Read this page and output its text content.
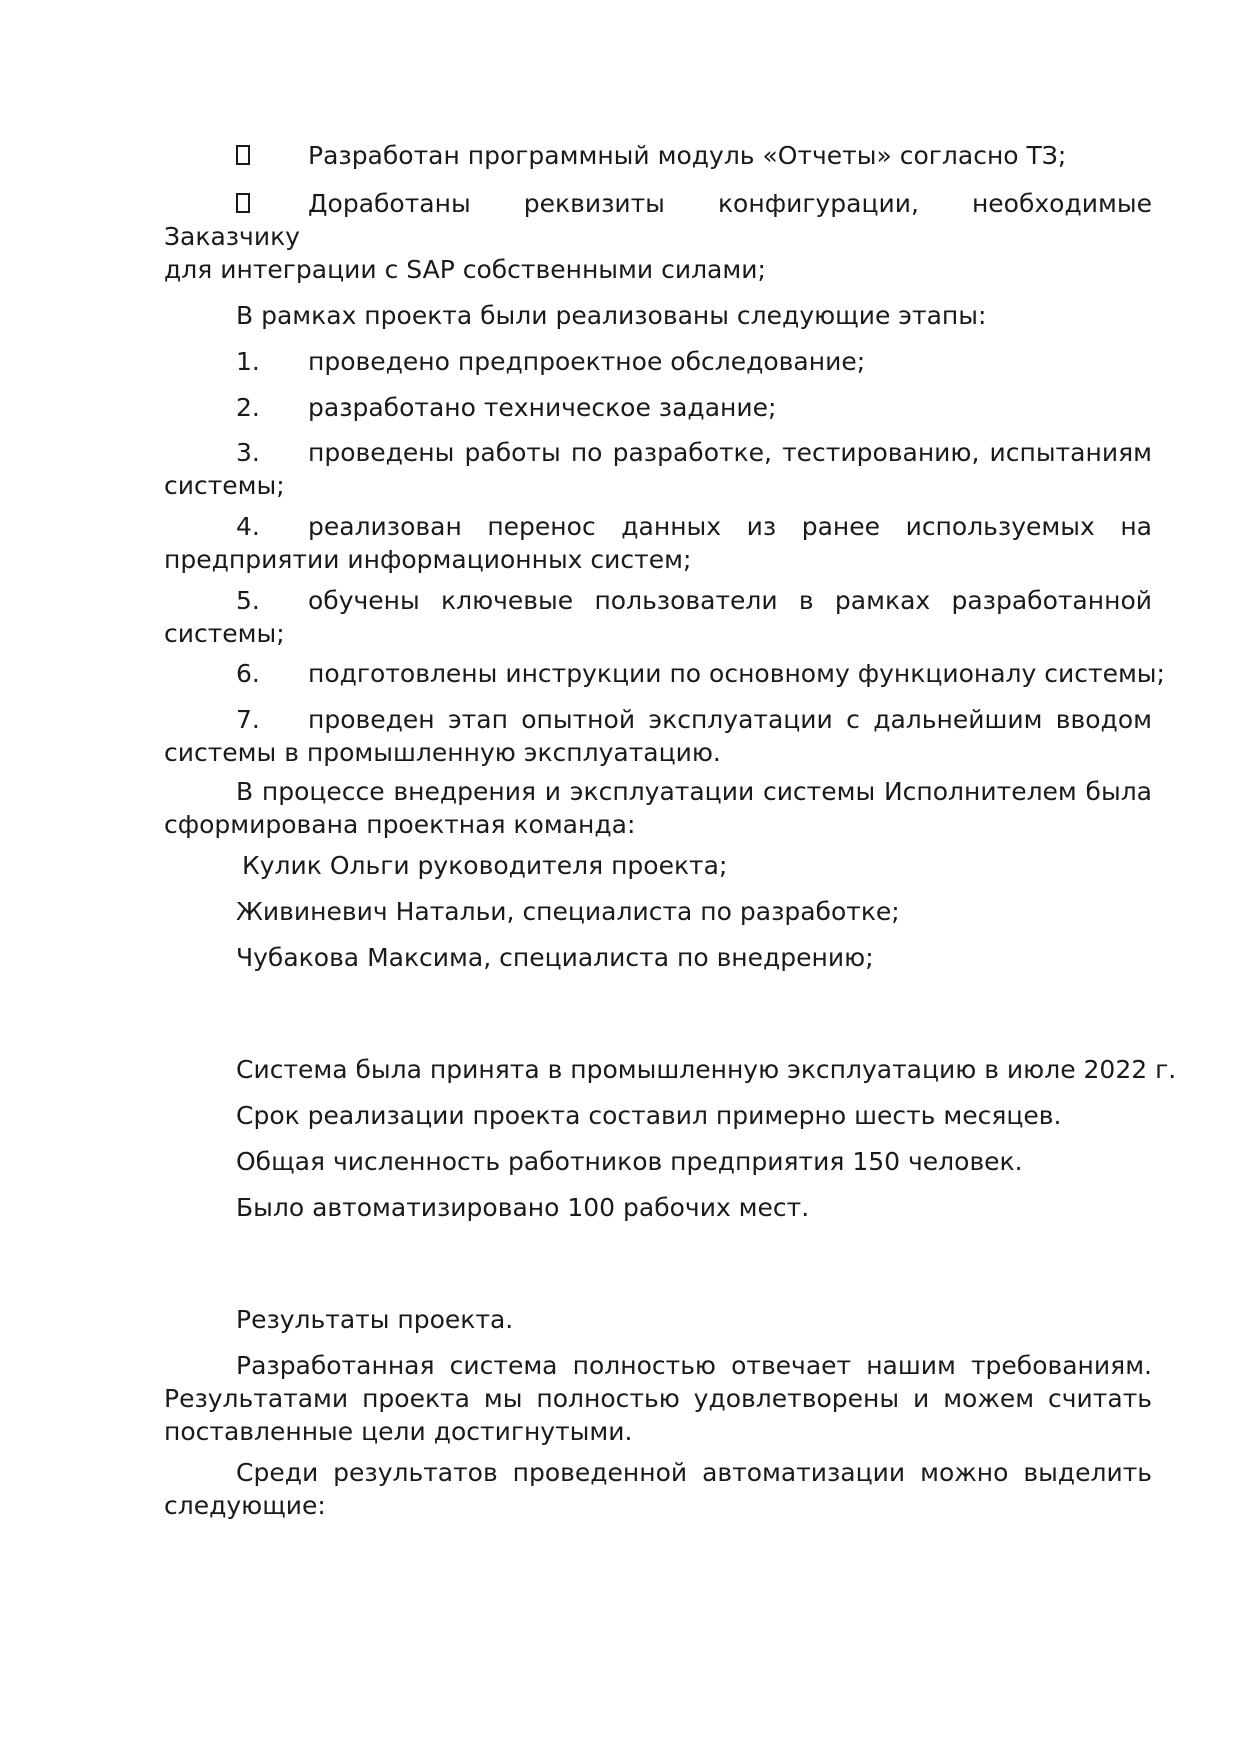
Разработан программный модуль «Отчеты» согласно ТЗ;
Доработаны реквизиты конфигурации, необходимые Заказчику
для интеграции с SAP собственными силами;
В рамках проекта были реализованы следующие этапы:
1. проведено предпроектное обследование;
2. разработано техническое задание;
3. проведены работы по разработке, тестированию, испытаниям
системы;
4. реализован перенос данных из ранее используемых на
предприятии информационных систем;
5. обучены ключевые пользователи в рамках разработанной
системы;
6. подготовлены инструкции по основному функционалу системы;
7. проведен этап опытной эксплуатации с дальнейшим вводом
системы в промышленную эксплуатацию.
В процессе внедрения и эксплуатации системы Исполнителем была
сформирована проектная команда:
Кулик Ольги руководителя проекта;
Живиневич Натальи, специалиста по разработке;
Чубакова Максима, специалиста по внедрению;
Система была принята в промышленную эксплуатацию в июле 2022 г.
Срок реализации проекта составил примерно шесть месяцев.
Общая численность работников предприятия 150 человек.
Было автоматизировано 100 рабочих мест.
Результаты проекта.
Разработанная система полностью отвечает нашим требованиям.
Результатами проекта мы полностью удовлетворены и можем считать
поставленные цели достигнутыми.
Среди результатов проведенной автоматизации можно выделить
следующие:
